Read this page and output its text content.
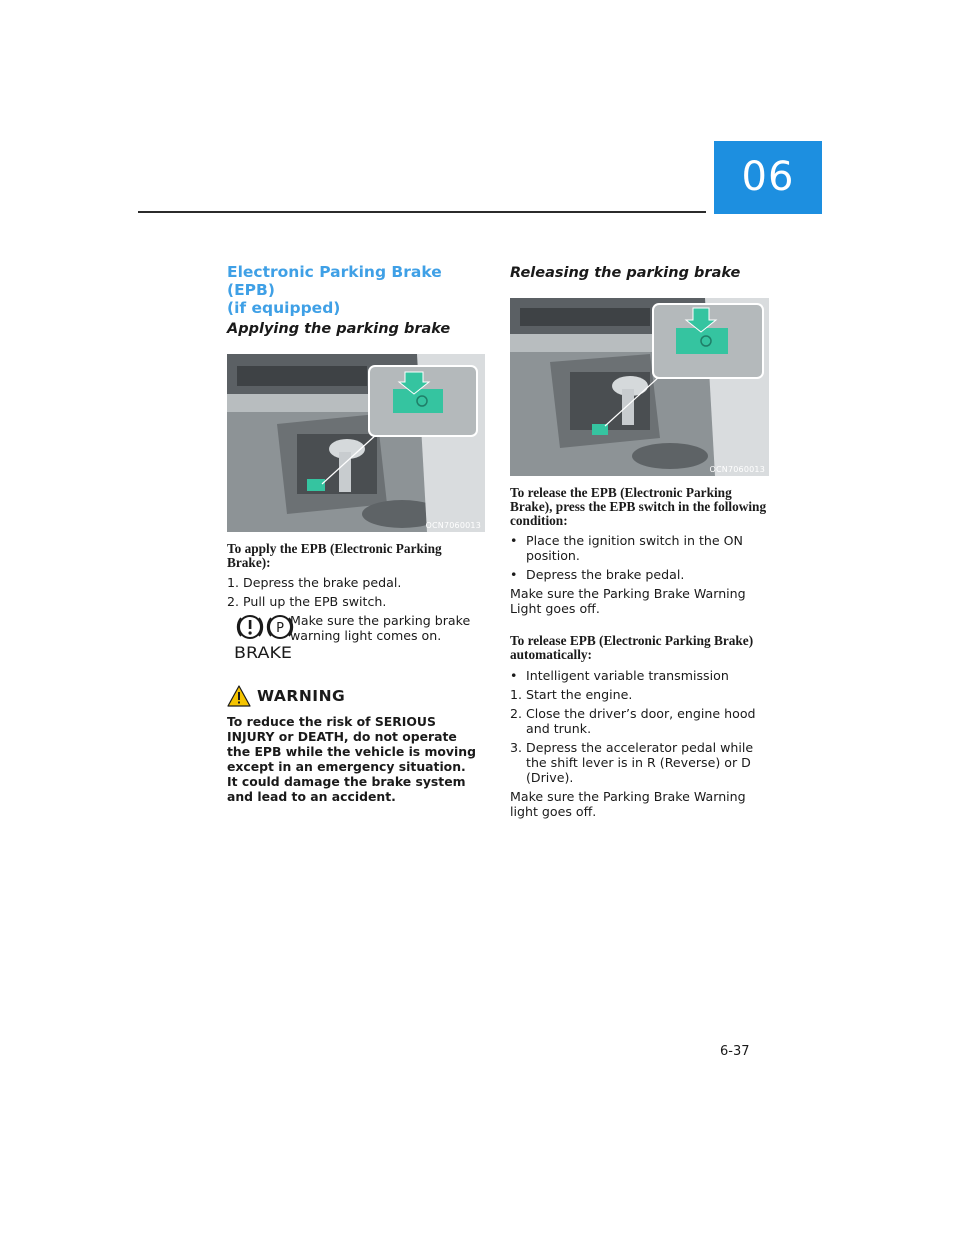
06
Electronic Parking Brake (EPB)
(if equipped)
Applying the parking brake
OCN7060013
To apply the EPB (Electronic Parking Brake):
1. Depress the brake pedal.
2. Pull up the EPB switch.
P
BRAKE
Make sure the parking brake warning light comes on.
WARNING
To reduce the risk of SERIOUS INJURY or DEATH, do not operate the EPB while the vehicle is moving except in an emergency situation. It could damage the brake system and lead to an accident.
Releasing the parking brake
OCN7060013
To release the EPB (Electronic Parking Brake), press the EPB switch in the following condition:
• Place the ignition switch in the ON position.
• Depress the brake pedal.
Make sure the Parking Brake Warning Light goes off.
To release EPB (Electronic Parking Brake) automatically:
• Intelligent variable transmission
1. Start the engine.
2. Close the driver’s door, engine hood and trunk.
3. Depress the accelerator pedal while the shift lever is in R (Reverse) or D (Drive).
Make sure the Parking Brake Warning light goes off.
6-37
